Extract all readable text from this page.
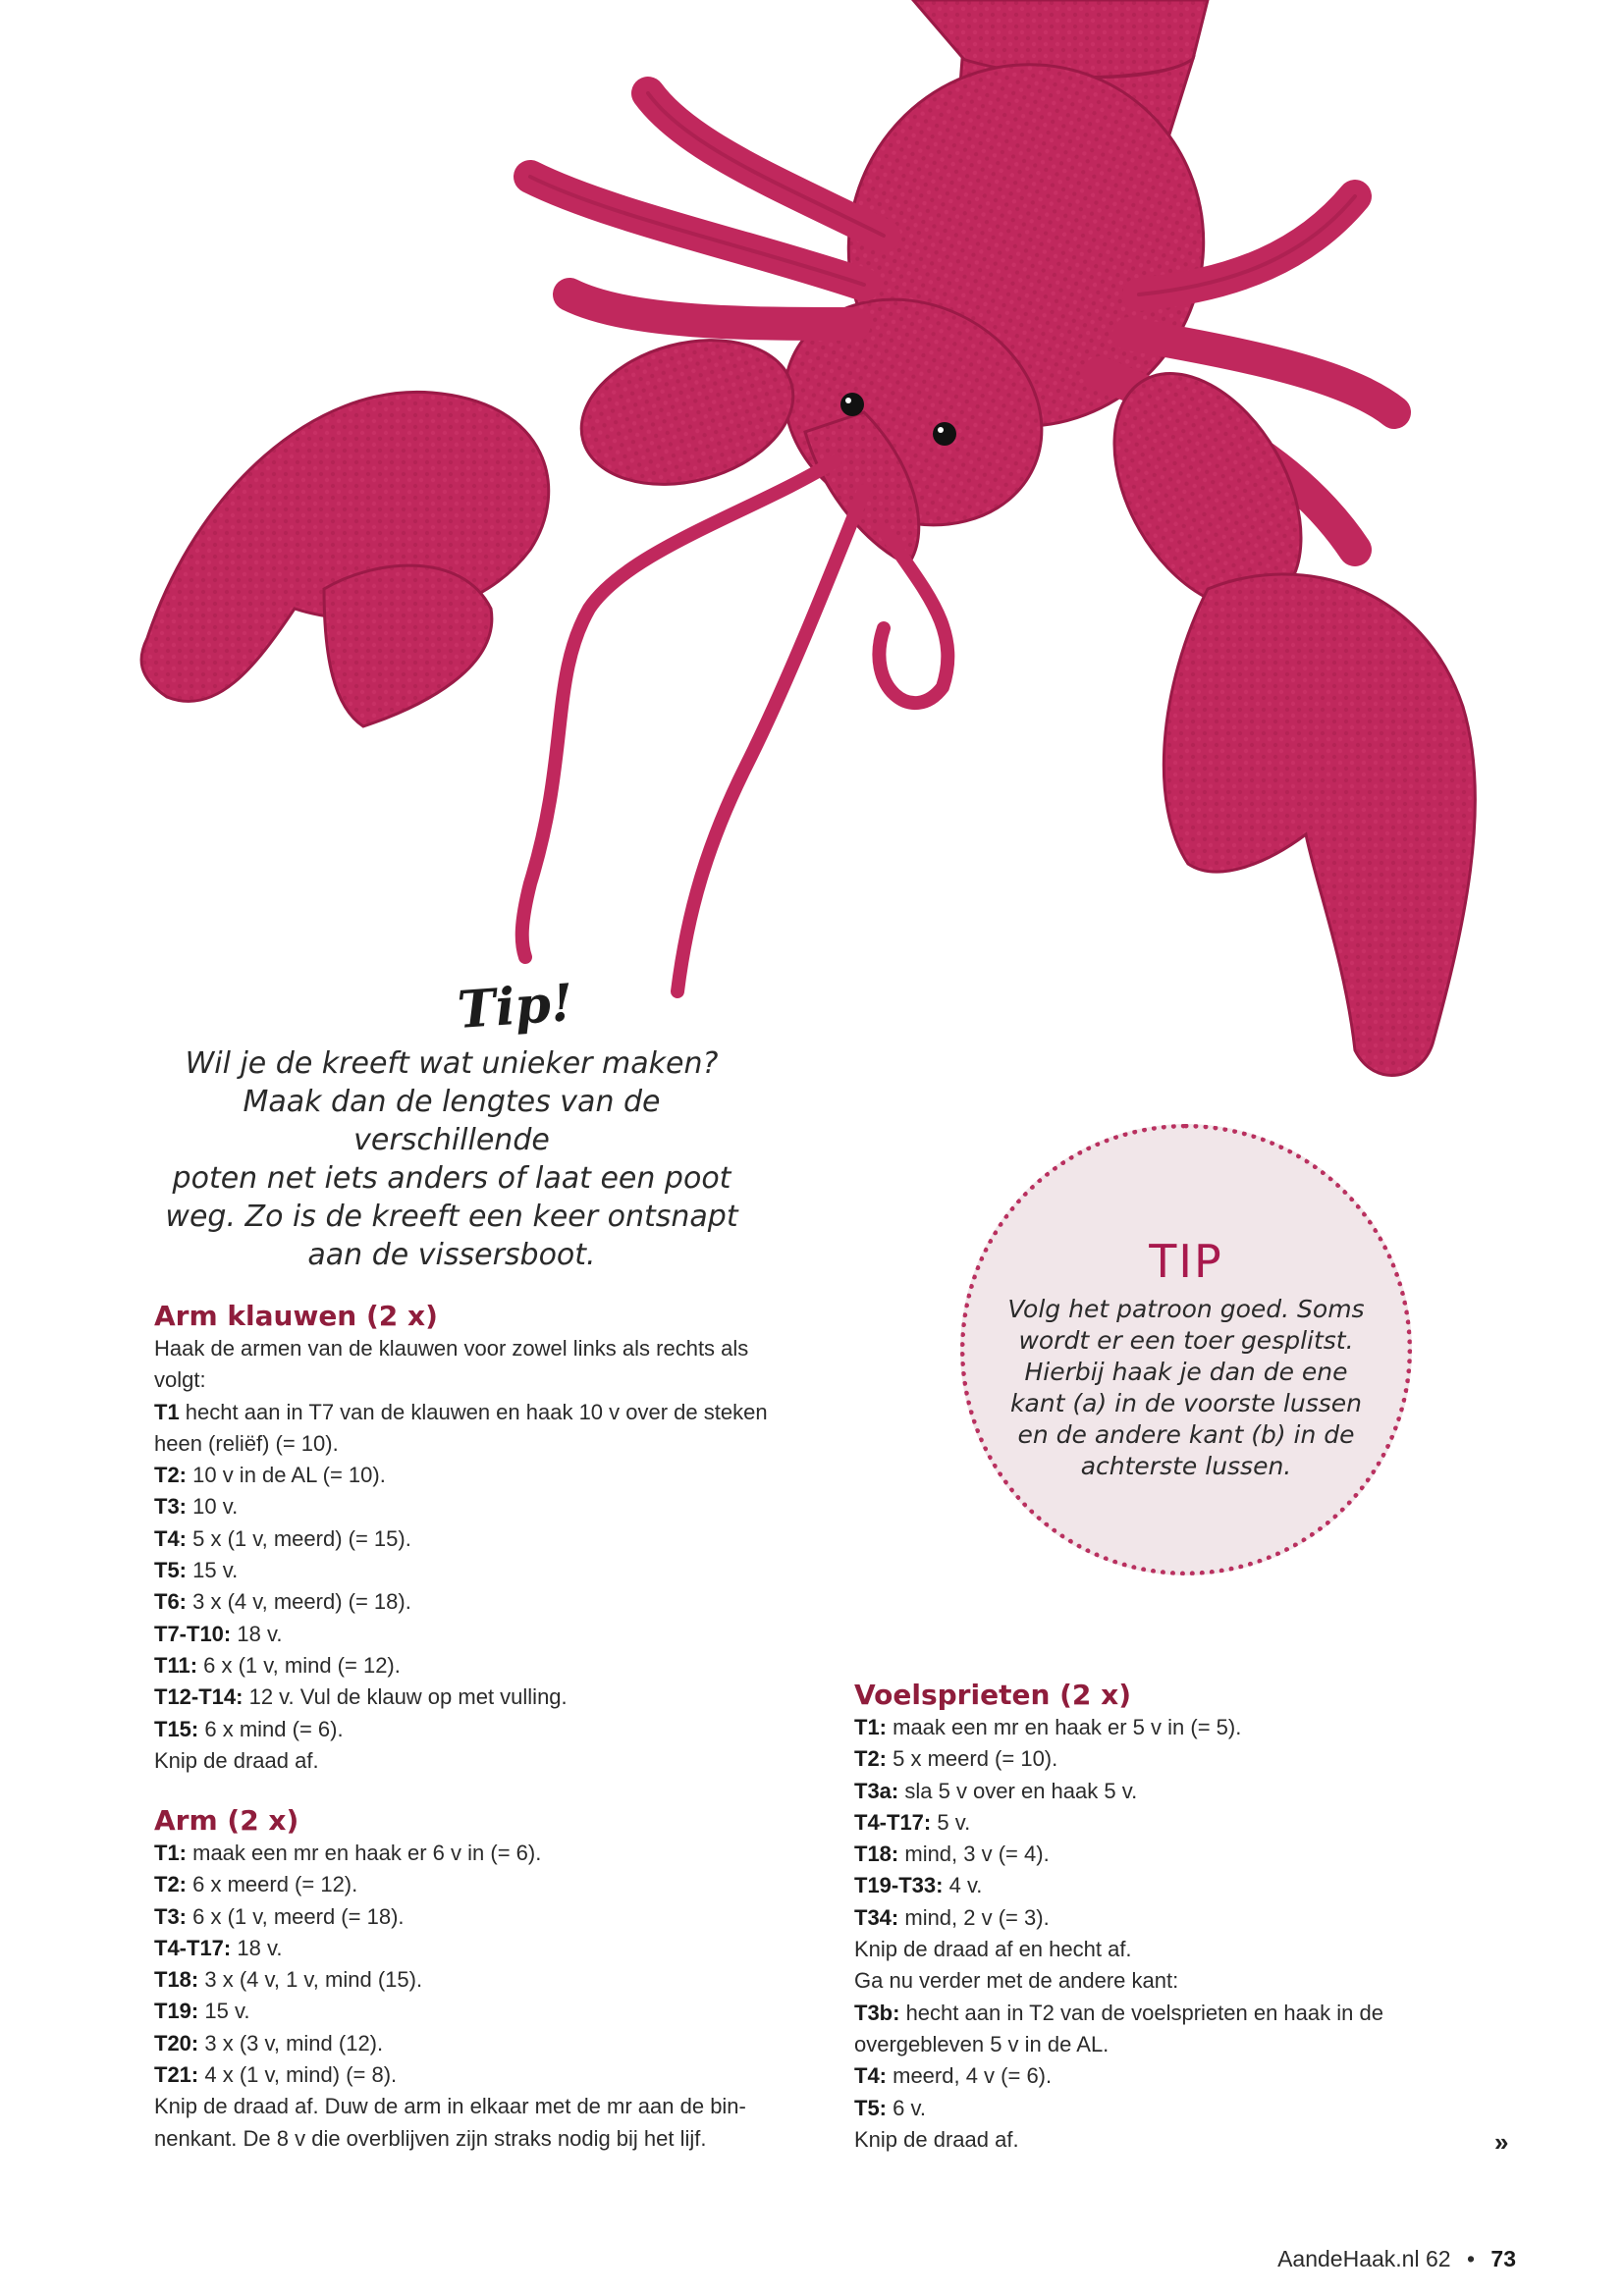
Tip!
Wil je de kreeft wat unieker maken?
Maak dan de lengtes van de verschillende
poten net iets anders of laat een poot
weg. Zo is de kreeft een keer ontsnapt
aan de vissersboot.	TIP
Volg het patroon goed. Soms
wordt er een toer gesplitst.
Hierbij haak je dan de ene
kant (a) in de voorste lussen
en de andere kant (b) in de
achterste lussen.
Arm klauwen (2 x)
Haak de armen van de klauwen voor zowel links als rechts als
volgt:
T1 hecht aan in T7 van de klauwen en haak 10 v over de steken
heen (reliëf) (= 10).
T2: 10 v in de AL (= 10).
T3: 10 v.
T4: 5 x (1 v, meerd) (= 15).
T5: 15 v.
T6: 3 x (4 v, meerd) (= 18).
T7-T10: 18 v.
T11: 6 x (1 v, mind (= 12).
T12-T14: 12 v. Vul de klauw op met vulling.
T15: 6 x mind (= 6).
Knip de draad af.
Arm (2 x)
T1: maak een mr en haak er 6 v in (= 6).
T2: 6 x meerd (= 12).
T3: 6 x (1 v, meerd (= 18).
T4-T17: 18 v.
T18: 3 x (4 v, 1 v, mind (15).
T19: 15 v.
T20: 3 x (3 v, mind (12).
T21: 4 x (1 v, mind) (= 8).
Knip de draad af. Duw de arm in elkaar met de mr aan de bin-
nenkant. De 8 v die overblijven zijn straks nodig bij het lijf.
Voelsprieten (2 x)
T1: maak een mr en haak er 5 v in (= 5).
T2: 5 x meerd (= 10).
T3a: sla 5 v over en haak 5 v.
T4-T17: 5 v.
T18: mind, 3 v (= 4).
T19-T33: 4 v.
T34: mind, 2 v (= 3).
Knip de draad af en hecht af.
Ga nu verder met de andere kant:
T3b: hecht aan in T2 van de voelsprieten en haak in de
overgebleven 5 v in de AL.
T4: meerd, 4 v (= 6).
T5: 6 v.
Knip de draad af.	»
AandeHaak.nl 62 • 73
